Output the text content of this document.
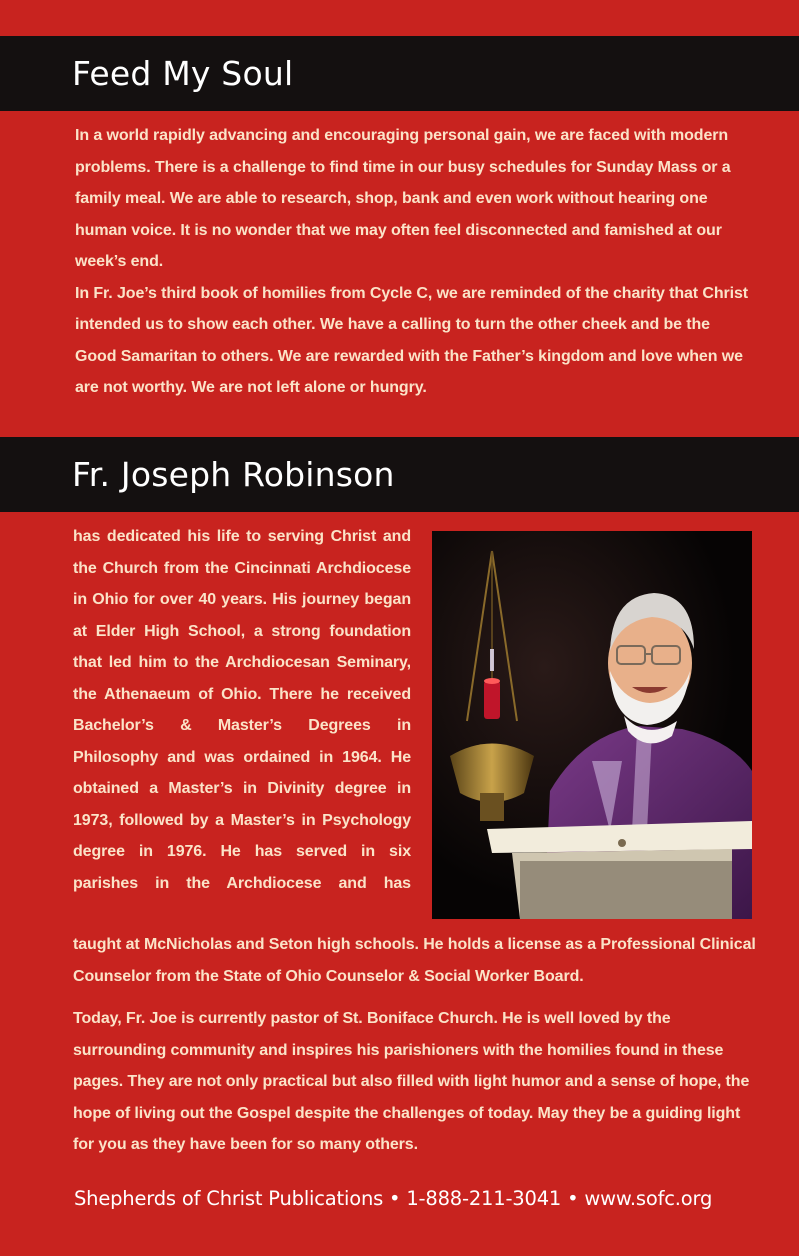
Feed My Soul

In a world rapidly advancing and encouraging personal gain, we are faced with modern problems. There is a challenge to find time in our busy schedules for Sunday Mass or a family meal. We are able to research, shop, bank and even work without hearing one human voice. It is no wonder that we may often feel disconnected and famished at our week’s end.

In Fr. Joe’s third book of homilies from Cycle C, we are reminded of the charity that Christ intended us to show each other. We have a calling to turn the other cheek and be the Good Samaritan to others. We are rewarded with the Father’s kingdom and love when we are not worthy. We are not left alone or hungry.

Fr. Joseph Robinson

has dedicated his life to serving Christ and the Church from the Cincinnati Archdiocese in Ohio for over 40 years. His journey began at Elder High School, a strong foundation that led him to the Archdiocesan Seminary, the Athenaeum of Ohio. There he received Bachelor’s & Master’s Degrees in Philosophy and was ordained in 1964. He obtained a Master’s in Divinity degree in 1973, followed by a Master’s in Psychology degree in 1976. He has served in six parishes in the Archdiocese and has

taught at McNicholas and Seton high schools. He holds a license as a Professional Clinical Counselor from the State of Ohio Counselor & Social Worker Board.

Today, Fr. Joe is currently pastor of St. Boniface Church. He is well loved by the surrounding community and inspires his parishioners with the homilies found in these pages. They are not only practical but also filled with light humor and a sense of hope, the hope of living out the Gospel despite the challenges of today. May they be a guiding light for you as they have been for so many others.

Shepherds of Christ Publications • 1-888-211-3041 • www.sofc.org
